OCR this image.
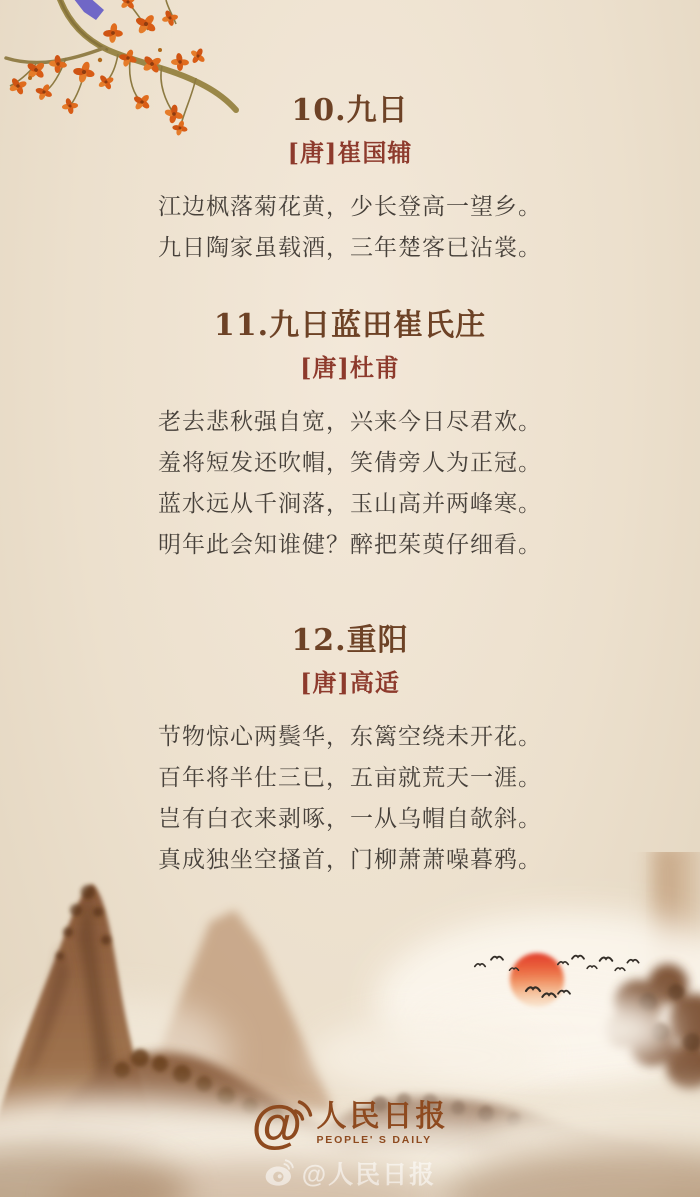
10.九日
[唐]崔国辅
江边枫落菊花黄，少长登高一望乡。
九日陶家虽载酒，三年楚客已沾裳。
11.九日蓝田崔氏庄
[唐]杜甫
老去悲秋强自宽，兴来今日尽君欢。
羞将短发还吹帽，笑倩旁人为正冠。
蓝水远从千涧落，玉山高并两峰寒。
明年此会知谁健？醉把茱萸仔细看。
12.重阳
[唐]高适
节物惊心两鬓华，东篱空绕未开花。
百年将半仕三已，五亩就荒天一涯。
岂有白衣来剥啄，一从乌帽自欹斜。
真成独坐空搔首，门柳萧萧噪暮鸦。
@ 人民日报
PEOPLE' S DAILY
@人民日报
